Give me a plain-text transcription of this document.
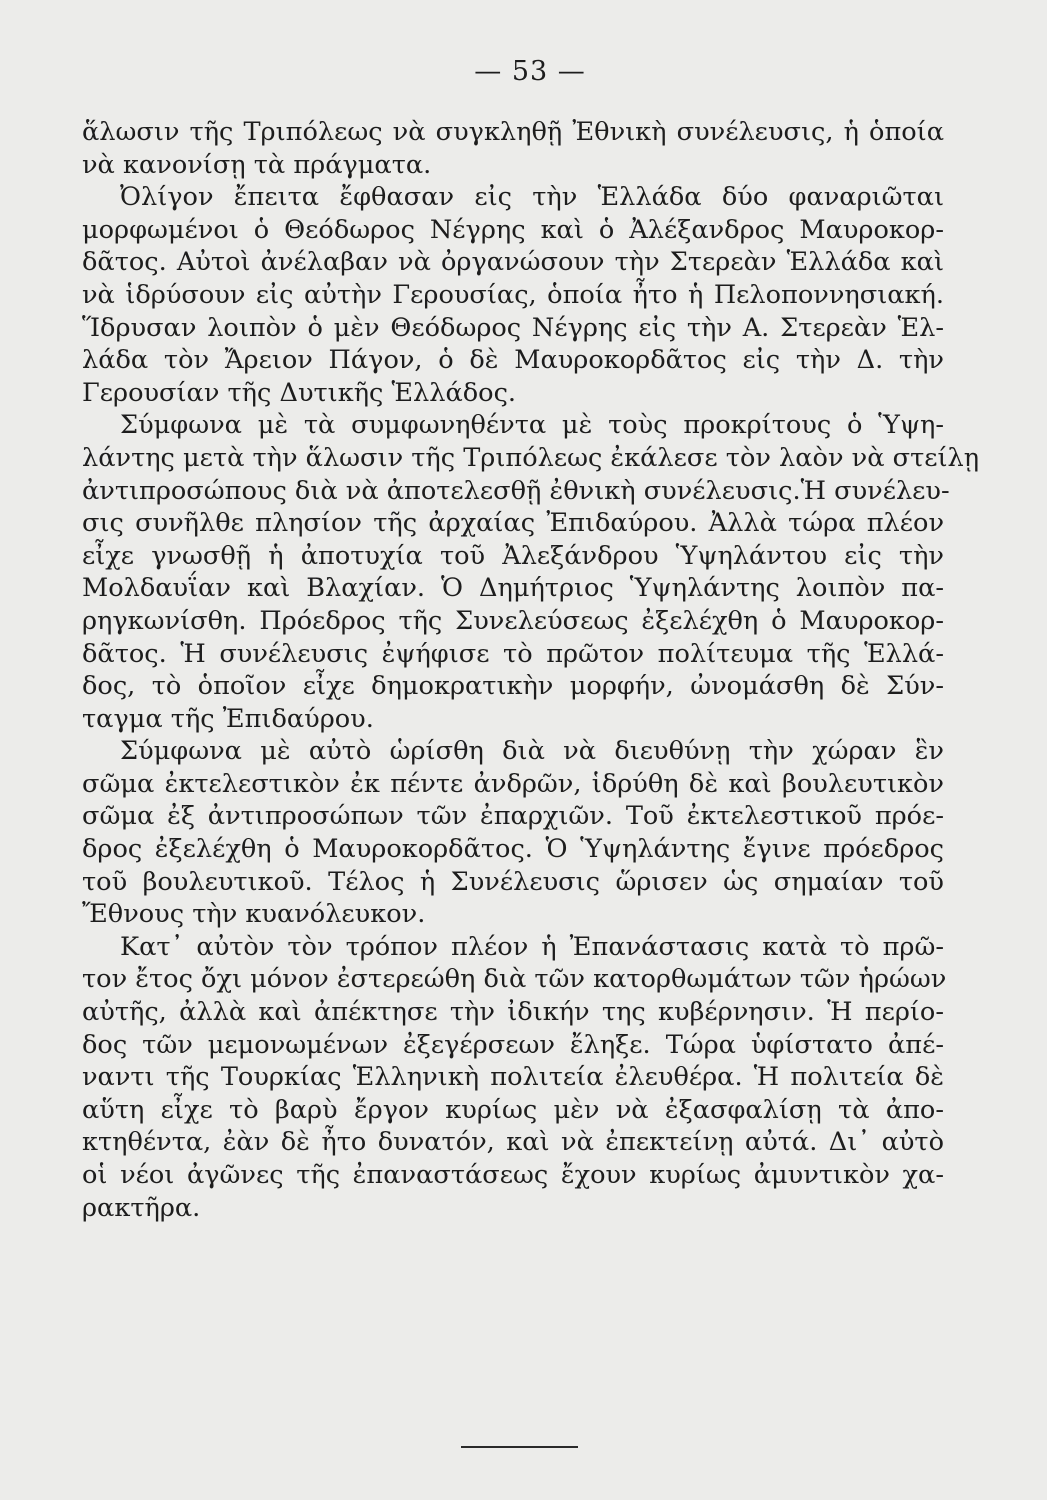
— 53 —
ἅλωσιν τῆς Τριπόλεως νὰ συγκληθῇ Ἐθνικὴ συνέλευσις, ἡ ὁποία
νὰ κανονίσῃ τὰ πράγματα.
Ὀλίγον ἔπειτα ἔφθασαν εἰς τὴν Ἑλλάδα δύο φαναριῶται
μορφωμένοι ὁ Θεόδωρος Νέγρης καὶ ὁ Ἀλέξανδρος Μαυροκορ-
δᾶτος. Αὐτοὶ ἀνέλαβαν νὰ ὀργανώσουν τὴν Στερεὰν Ἑλλάδα καὶ
νὰ ἱδρύσουν εἰς αὐτὴν Γερουσίας, ὁποία ἦτο ἡ Πελοποννησιακή.
Ἵδρυσαν λοιπὸν ὁ μὲν Θεόδωρος Νέγρης εἰς τὴν Α. Στερεὰν Ἑλ-
λάδα τὸν Ἄρειον Πάγον, ὁ δὲ Μαυροκορδᾶτος εἰς τὴν Δ. τὴν
Γερουσίαν τῆς Δυτικῆς Ἑλλάδος.
Σύμφωνα μὲ τὰ συμφωνηθέντα μὲ τοὺς προκρίτους ὁ Ὑψη-
λάντης μετὰ τὴν ἅλωσιν τῆς Τριπόλεως ἐκάλεσε τὸν λαὸν νὰ στείλῃ
ἀντιπροσώπους διὰ νὰ ἀποτελεσθῇ ἐθνικὴ συνέλευσις.Ἡ συνέλευ-
σις συνῆλθε πλησίον τῆς ἀρχαίας Ἐπιδαύρου. Ἀλλὰ τώρα πλέον
εἶχε γνωσθῇ ἡ ἀποτυχία τοῦ Ἀλεξάνδρου Ὑψηλάντου εἰς τὴν
Μολδαυΐαν καὶ Βλαχίαν. Ὁ Δημήτριος Ὑψηλάντης λοιπὸν πα-
ρηγκωνίσθη. Πρόεδρος τῆς Συνελεύσεως ἐξελέχθη ὁ Μαυροκορ-
δᾶτος. Ἡ συνέλευσις ἐψήφισε τὸ πρῶτον πολίτευμα τῆς Ἑλλά-
δος, τὸ ὁποῖον εἶχε δημοκρατικὴν μορφήν, ὠνομάσθη δὲ Σύν-
ταγμα τῆς Ἐπιδαύρου.
Σύμφωνα μὲ αὐτὸ ὡρίσθη διὰ νὰ διευθύνῃ τὴν χώραν ἓν
σῶμα ἐκτελεστικὸν ἐκ πέντε ἀνδρῶν, ἱδρύθη δὲ καὶ βουλευτικὸν
σῶμα ἐξ ἀντιπροσώπων τῶν ἐπαρχιῶν. Τοῦ ἐκτελεστικοῦ πρόε-
δρος ἐξελέχθη ὁ Μαυροκορδᾶτος. Ὁ Ὑψηλάντης ἔγινε πρόεδρος
τοῦ βουλευτικοῦ. Τέλος ἡ Συνέλευσις ὥρισεν ὡς σημαίαν τοῦ
Ἔθνους τὴν κυανόλευκον.
Κατ᾿ αὐτὸν τὸν τρόπον πλέον ἡ Ἐπανάστασις κατὰ τὸ πρῶ-
τον ἔτος ὄχι μόνον ἐστερεώθη διὰ τῶν κατορθωμάτων τῶν ἡρώων
αὐτῆς, ἀλλὰ καὶ ἀπέκτησε τὴν ἰδικήν της κυβέρνησιν. Ἡ περίο-
δος τῶν μεμονωμένων ἐξεγέρσεων ἔληξε. Τώρα ὑφίστατο ἀπέ-
ναντι τῆς Τουρκίας Ἑλληνικὴ πολιτεία ἐλευθέρα. Ἡ πολιτεία δὲ
αὕτη εἶχε τὸ βαρὺ ἔργον κυρίως μὲν νὰ ἐξασφαλίσῃ τὰ ἀπο-
κτηθέντα, ἐὰν δὲ ἦτο δυνατόν, καὶ νὰ ἐπεκτείνῃ αὐτά. Δι᾿ αὐτὸ
οἱ νέοι ἀγῶνες τῆς ἐπαναστάσεως ἔχουν κυρίως ἀμυντικὸν χα-
ρακτῆρα.
